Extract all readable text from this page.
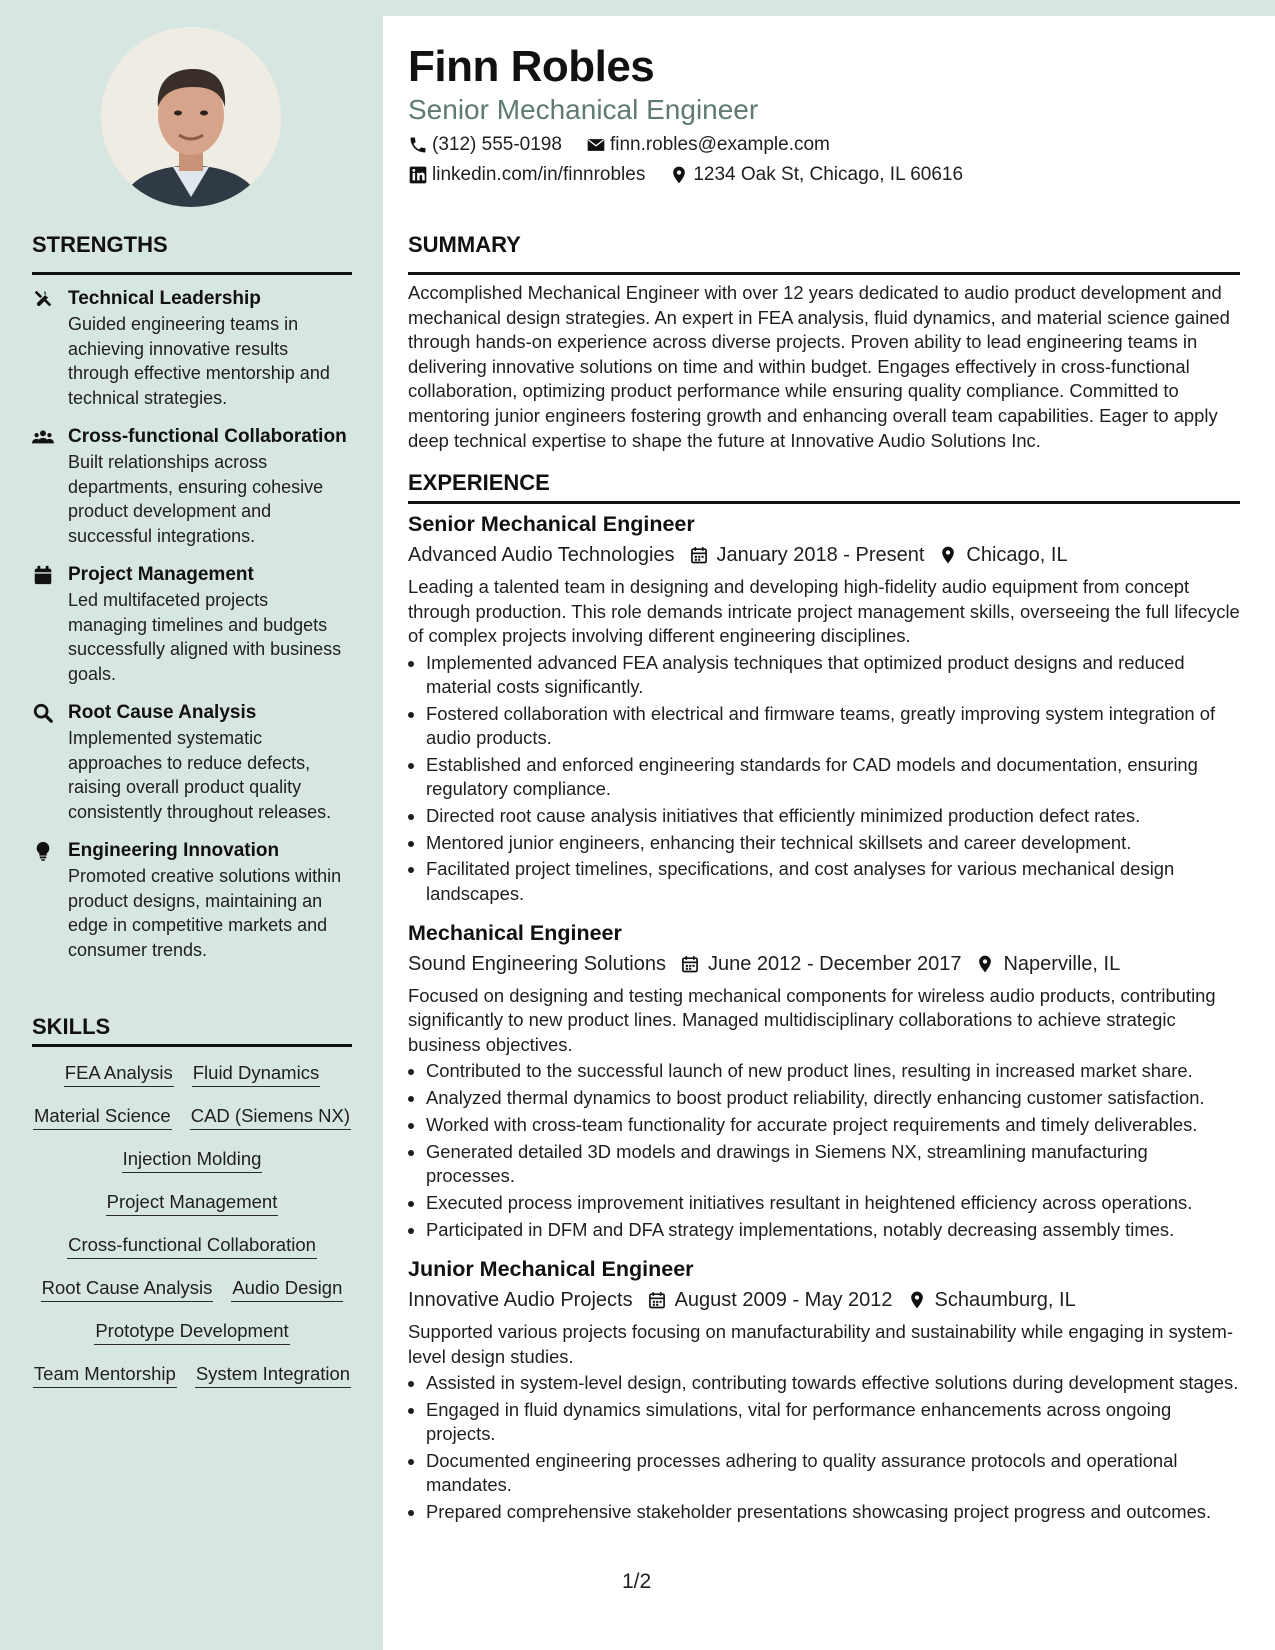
STRENGTHS
Technical Leadership
Guided engineering teams in achieving innovative results through effective mentorship and technical strategies.
Cross-functional Collaboration
Built relationships across departments, ensuring cohesive product development and successful integrations.
Project Management
Led multifaceted projects managing timelines and budgets successfully aligned with business goals.
Root Cause Analysis
Implemented systematic approaches to reduce defects, raising overall product quality consistently throughout releases.
Engineering Innovation
Promoted creative solutions within product designs, maintaining an edge in competitive markets and consumer trends.
SKILLS
FEA Analysis Fluid Dynamics
Material Science CAD (Siemens NX)
Injection Molding
Project Management
Cross-functional Collaboration
Root Cause Analysis Audio Design
Prototype Development
Team Mentorship System Integration
Finn Robles
Senior Mechanical Engineer
(312) 555-0198	finn.robles@example.com
linkedin.com/in/finnrobles	1234 Oak St, Chicago, IL 60616
SUMMARY
Accomplished Mechanical Engineer with over 12 years dedicated to audio product development and mechanical design strategies. An expert in FEA analysis, fluid dynamics, and material science gained through hands-on experience across diverse projects. Proven ability to lead engineering teams in delivering innovative solutions on time and within budget. Engages effectively in cross-functional collaboration, optimizing product performance while ensuring quality compliance. Committed to mentoring junior engineers fostering growth and enhancing overall team capabilities. Eager to apply deep technical expertise to shape the future at Innovative Audio Solutions Inc.
EXPERIENCE
Senior Mechanical Engineer
Advanced Audio Technologies January 2018 - Present Chicago, IL
Leading a talented team in designing and developing high-fidelity audio equipment from concept through production. This role demands intricate project management skills, overseeing the full lifecycle of complex projects involving different engineering disciplines.
• Implemented advanced FEA analysis techniques that optimized product designs and reduced material costs significantly.
• Fostered collaboration with electrical and firmware teams, greatly improving system integration of audio products.
• Established and enforced engineering standards for CAD models and documentation, ensuring regulatory compliance.
• Directed root cause analysis initiatives that efficiently minimized production defect rates.
• Mentored junior engineers, enhancing their technical skillsets and career development.
• Facilitated project timelines, specifications, and cost analyses for various mechanical design landscapes.
Mechanical Engineer
Sound Engineering Solutions June 2012 - December 2017 Naperville, IL
Focused on designing and testing mechanical components for wireless audio products, contributing significantly to new product lines. Managed multidisciplinary collaborations to achieve strategic business objectives.
• Contributed to the successful launch of new product lines, resulting in increased market share.
• Analyzed thermal dynamics to boost product reliability, directly enhancing customer satisfaction.
• Worked with cross-team functionality for accurate project requirements and timely deliverables.
• Generated detailed 3D models and drawings in Siemens NX, streamlining manufacturing processes.
• Executed process improvement initiatives resultant in heightened efficiency across operations.
• Participated in DFM and DFA strategy implementations, notably decreasing assembly times.
Junior Mechanical Engineer
Innovative Audio Projects August 2009 - May 2012 Schaumburg, IL
Supported various projects focusing on manufacturability and sustainability while engaging in system-level design studies.
• Assisted in system-level design, contributing towards effective solutions during development stages.
• Engaged in fluid dynamics simulations, vital for performance enhancements across ongoing projects.
• Documented engineering processes adhering to quality assurance protocols and operational mandates.
• Prepared comprehensive stakeholder presentations showcasing project progress and outcomes.
1/2
